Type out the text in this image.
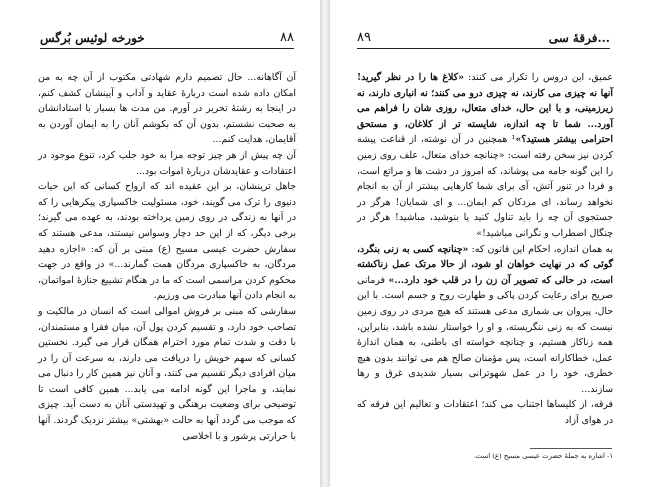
خورخه لوئیس بُرگس	۸۸

آن آگاهانه... حال تصمیم دارم شهادتی مکتوب از آن چه به من امکان داده شده است دربارهٔ عقاید و آداب و آیینشان کشف کنم، در اینجا به رشتهٔ تحریر در آورم. من مدت ها بسیار با استادانشان به صحبت نشستم، بدون آن که بکوشم آنان را به ایمان آوردن به آقایمان، هدایت کنم...

آن چه پیش از هر چیز توجه مرا به خود جلب کرد، تنوع موجود در اعتقادات و عقایدشان دربارهٔ اموات بود...

جاهل ترینشان، بر این عقیده اند که ارواح کسانی که این حیات دنیوی را ترک می گویند، خود، مسئولیت خاکسپاری پیکرهایی را که در آنها به زندگی در روی زمین پرداخته بودند، به عهده می گیرند؛ برخی دیگر، که از این حد دچار وسواس نیستند، مدعی هستند که سفارش حضرت عیسی مسیح (ع) مبنی بر آن که: «اجازه دهید مردگان، به خاکسپاری مردگان همت گمارند...» در واقع در جهت محکوم کردن مراسمی است که ما در هنگام تشییع جنازهٔ امواتمان، به انجام دادن آنها مبادرت می ورزیم.

سفارشی که مبنی بر فروش اموالی است که انسان در مالکیت و تصاحب خود دارد، و تقسیم کردن پول آن، میان فقرا و مستمندان، با دقت و شدت تمام مورد احترام همگان قرار می گیرد. نخستین کسانی که سهم خویش را دریافت می دارند، به سرعت آن را در میان افرادی دیگر تقسیم می کنند، و آنان نیز همین کار را دنبال می نمایند، و ماجرا این گونه ادامه می یابد... همین کافی است تا توضیحی برای وضعیت برهنگی و تهیدستی آنان به دست آید. چیزی که موجب می گردد آنها به حالت «بهشتی» بیشتر نزدیک گردند. آنها با حرارتی پرشور و با اخلاصی

۸۹	فرقهٔ سی...

عمیق، این دروس را تکرار می کنند: «کلاغ ها را در نظر گیرید! آنها نه چیزی می کارند، نه چیزی درو می کنند؛ نه انباری دارند، نه زیرزمینی، و با این حال، خدای متعال، روزی شان را فراهم می آورد... شما تا چه اندازه، شایسته تر از کلاغان، و مستحق احترامی بیشتر هستید؟»¹ همچنین در آن نوشته، از قناعت پیشه کردن نیز سخن رفته است: «چنانچه خدای متعال، علف روی زمین را این گونه جامه می پوشاند، که امروز در دشت ها و مراتع است، و فردا در تنور آتش، آی برای شما کارهایی بیشتر از آن به انجام نخواهد رساند، ای مردکان کم ایمان... و ای شمایان! هرگز در جستجوی آن چه را باید تناول کنید یا بنوشید، مباشید! هرگز در چنگال اضطراب و نگرانی مباشید!»

به همان اندازه، احکام این قانون که: «چنانچه کسی به زنی بنگرد، گوئی که در نهایت خواهان او شود، از حالا مرتک عمل زناکشته است، در حالی که تصویر آن زن را در قلب خود دارد...» فرمانی صریح برای رعایت کردن پاکی و طهارت روح و جسم است. با این حال، پیروان بی شماری مدعی هستند که هیچ مردی در روی زمین نیست که به زنی ننگریسته، و او را خواستار نشده باشد، بنابراین، همه زناکار هستیم، و چنانچه خواسته ای باطنی، به همان اندازهٔ عمل، خطاکارانه است، پس مؤمنان صالح هم می توانند بدون هیچ خطری، خود را در عمل شهوترانی بسیار شدیدی غرق و رها سازند...

فرقه، از کلیساها اجتناب می کند؛ اعتقادات و تعالیم این فرقه که در هوای آزاد

۱- اشاره به جملهٔ حضرت عیسی مسیح (ع) است.
